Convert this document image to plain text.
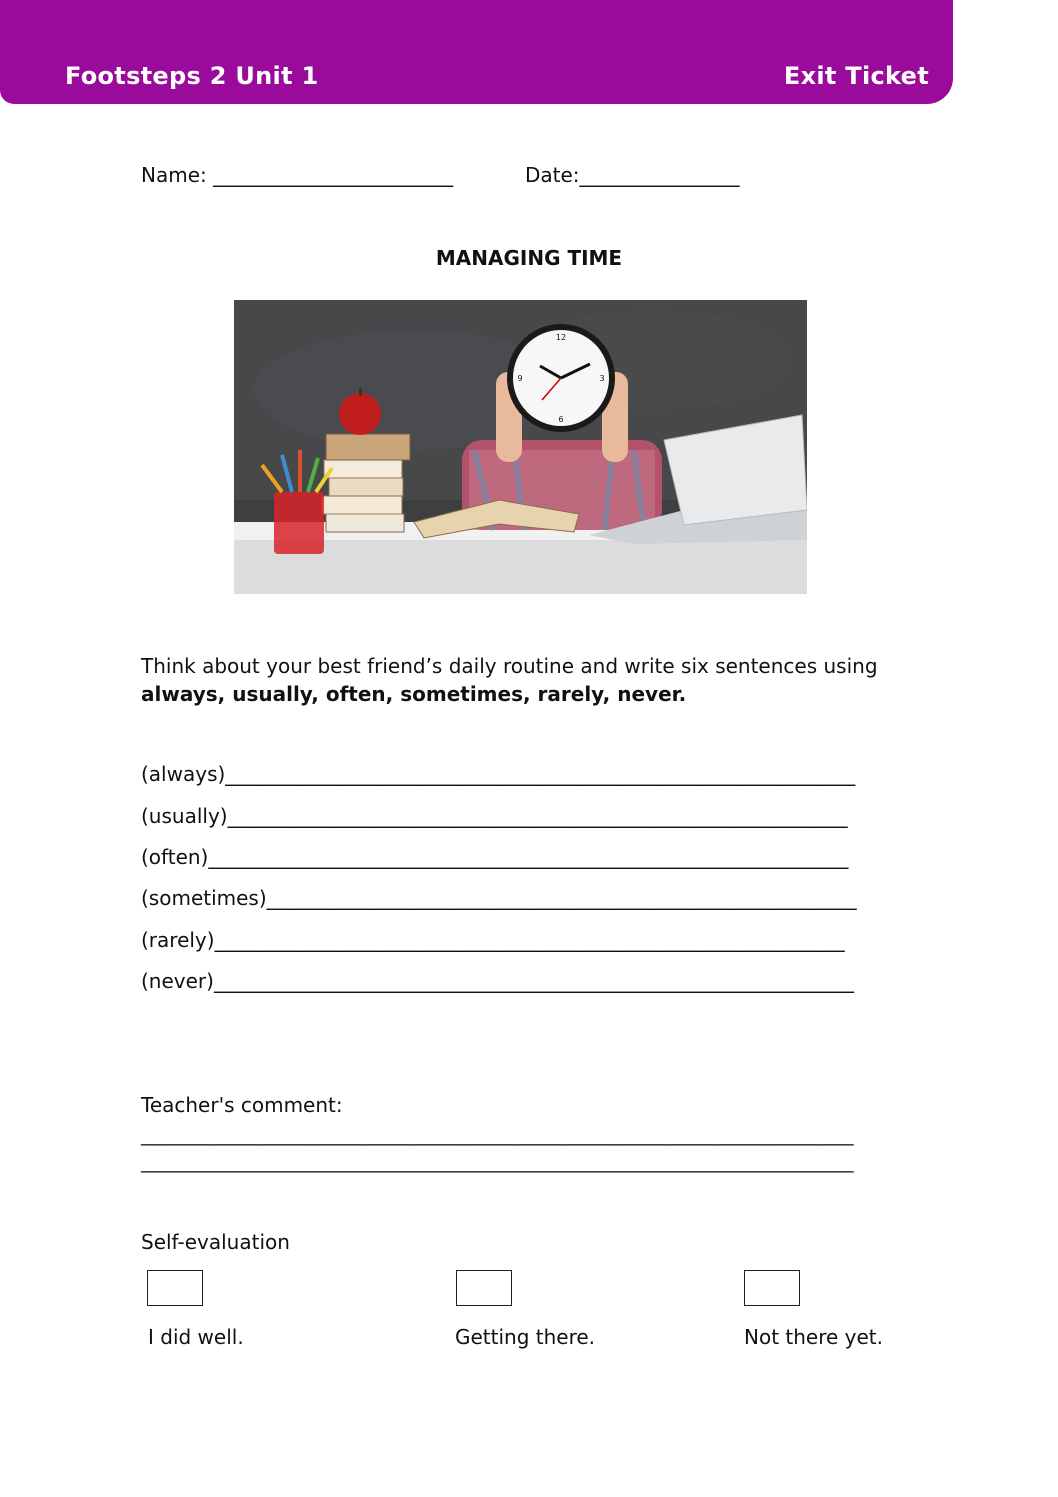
Footsteps 2 Unit 1	Exit Ticket
Name: ________________________	Date:________________
MANAGING TIME
12
3
6
9
Think about your best friend’s daily routine and write six sentences using
always, usually, often, sometimes, rarely, never.
(always)_______________________________________________________________
(usually)______________________________________________________________
(often)________________________________________________________________
(sometimes)___________________________________________________________
(rarely)_______________________________________________________________
(never)________________________________________________________________
Teacher's comment:
___________________________________________________________________________
___________________________________________________________________________
Self-evaluation
I did well.	Getting there.	Not there yet.
